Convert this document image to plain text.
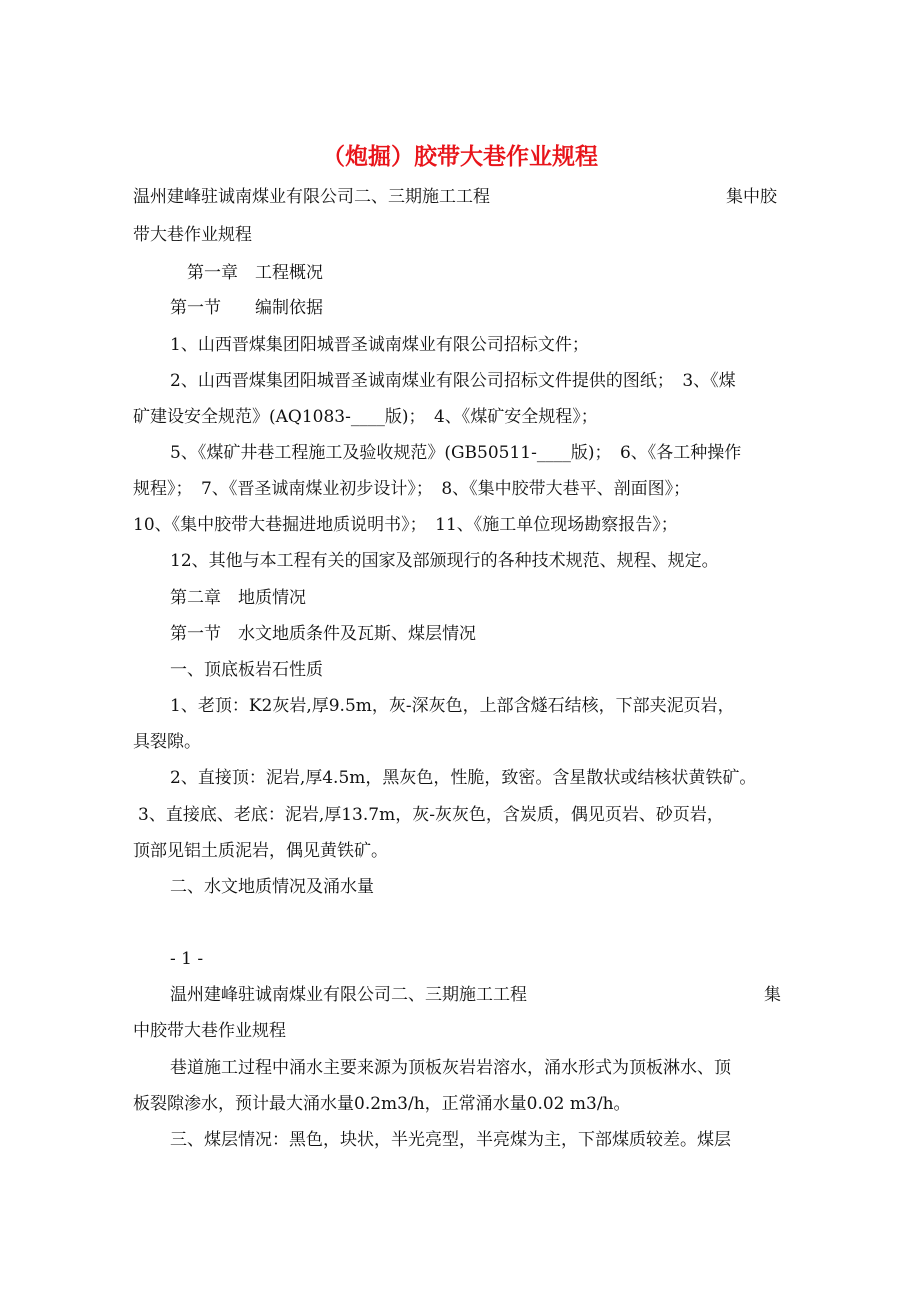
（炮掘）胶带大巷作业规程

温州建峰驻诚南煤业有限公司二、三期施工工程	集中胶

带大巷作业规程

第一章　工程概况

第一节　　编制依据

1、山西晋煤集团阳城晋圣诚南煤业有限公司招标文件；

2、山西晋煤集团阳城晋圣诚南煤业有限公司招标文件提供的图纸；　3、《煤

矿建设安全规范》(AQ1083-____版)；　4、《煤矿安全规程》；

5、《煤矿井巷工程施工及验收规范》(GB50511-____版)；　6、《各工种操作

规程》；　7、《晋圣诚南煤业初步设计》；　8、《集中胶带大巷平、剖面图》；

10、《集中胶带大巷掘进地质说明书》；　11、《施工单位现场勘察报告》；

12、其他与本工程有关的国家及部颁现行的各种技术规范、规程、规定。

第二章　地质情况

第一节　水文地质条件及瓦斯、煤层情况

一、顶底板岩石性质

1、老顶：K2灰岩,厚9.5m，灰-深灰色，上部含燧石结核，下部夹泥页岩，

具裂隙。

2、直接顶：泥岩,厚4.5m，黑灰色，性脆，致密。含星散状或结核状黄铁矿。

3、直接底、老底：泥岩,厚13.7m，灰-灰灰色，含炭质，偶见页岩、砂页岩，

顶部见铝土质泥岩，偶见黄铁矿。

二、水文地质情况及涌水量

- 1 -

温州建峰驻诚南煤业有限公司二、三期施工工程	集

中胶带大巷作业规程

巷道施工过程中涌水主要来源为顶板灰岩岩溶水，涌水形式为顶板淋水、顶

板裂隙渗水，预计最大涌水量0.2m3/h，正常涌水量0.02 m3/h。

三、煤层情况：黑色，块状，半光亮型，半亮煤为主，下部煤质较差。煤层
